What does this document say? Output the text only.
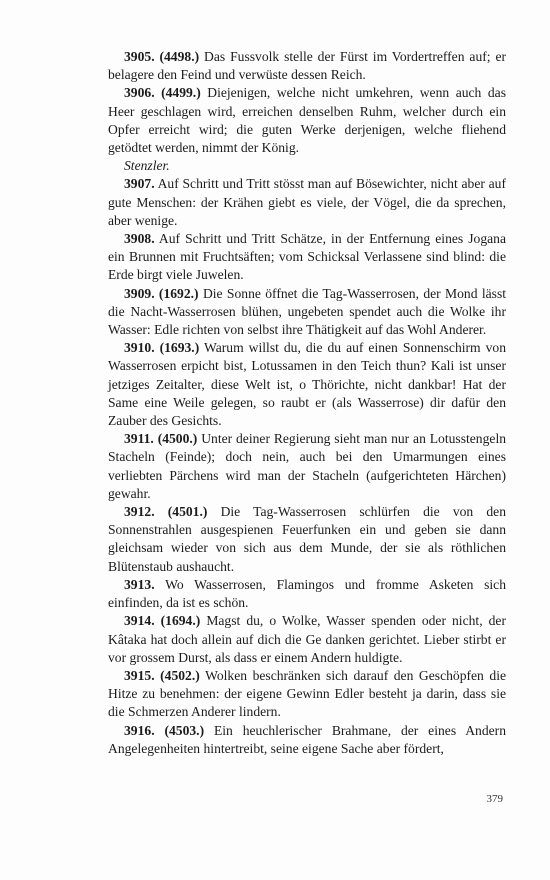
3905. (4498.) Das Fussvolk stelle der Fürst im Vordertreffen auf; er belagere den Feind und verwüste dessen Reich.

3906. (4499.) Diejenigen, welche nicht umkehren, wenn auch das Heer geschlagen wird, erreichen denselben Ruhm, welcher durch ein Opfer erreicht wird; die guten Werke derjenigen, welche fliehend getödtet werden, nimmt der König.

Stenzler.

3907. Auf Schritt und Tritt stösst man auf Bösewichter, nicht aber auf gute Menschen: der Krähen giebt es viele, der Vögel, die da sprechen, aber wenige.

3908. Auf Schritt und Tritt Schätze, in der Entfernung eines Jogana ein Brunnen mit Fruchtsäften; vom Schicksal Verlassene sind blind: die Erde birgt viele Juwelen.

3909. (1692.) Die Sonne öffnet die Tag-Wasserrosen, der Mond lässt die Nacht-Wasserrosen blühen, ungebeten spendet auch die Wolke ihr Wasser: Edle richten von selbst ihre Thätigkeit auf das Wohl Anderer.

3910. (1693.) Warum willst du, die du auf einen Sonnenschirm von Wasserrosen erpicht bist, Lotussamen in den Teich thun? Kali ist unser jetziges Zeitalter, diese Welt ist, o Thörichte, nicht dankbar! Hat der Same eine Weile gelegen, so raubt er (als Wasserrose) dir dafür den Zauber des Gesichts.

3911. (4500.) Unter deiner Regierung sieht man nur an Lotusstengeln Stacheln (Feinde); doch nein, auch bei den Umarmungen eines verliebten Pärchens wird man der Stacheln (aufgerichteten Härchen) gewahr.

3912. (4501.) Die Tag-Wasserrosen schlürfen die von den Sonnenstrahlen ausgespienen Feuerfunken ein und geben sie dann gleichsam wieder von sich aus dem Munde, der sie als röthlichen Blütenstaub aushaucht.

3913. Wo Wasserrosen, Flamingos und fromme Asketen sich einfinden, da ist es schön.

3914. (1694.) Magst du, o Wolke, Wasser spenden oder nicht, der Kâtaka hat doch allein auf dich die Ge danken gerichtet. Lieber stirbt er vor grossem Durst, als dass er einem Andern huldigte.

3915. (4502.) Wolken beschränken sich darauf den Geschöpfen die Hitze zu benehmen: der eigene Gewinn Edler besteht ja darin, dass sie die Schmerzen Anderer lindern.

3916. (4503.) Ein heuchlerischer Brahmane, der eines Andern Angelegenheiten hintertreibt, seine eigene Sache aber fördert,

379
